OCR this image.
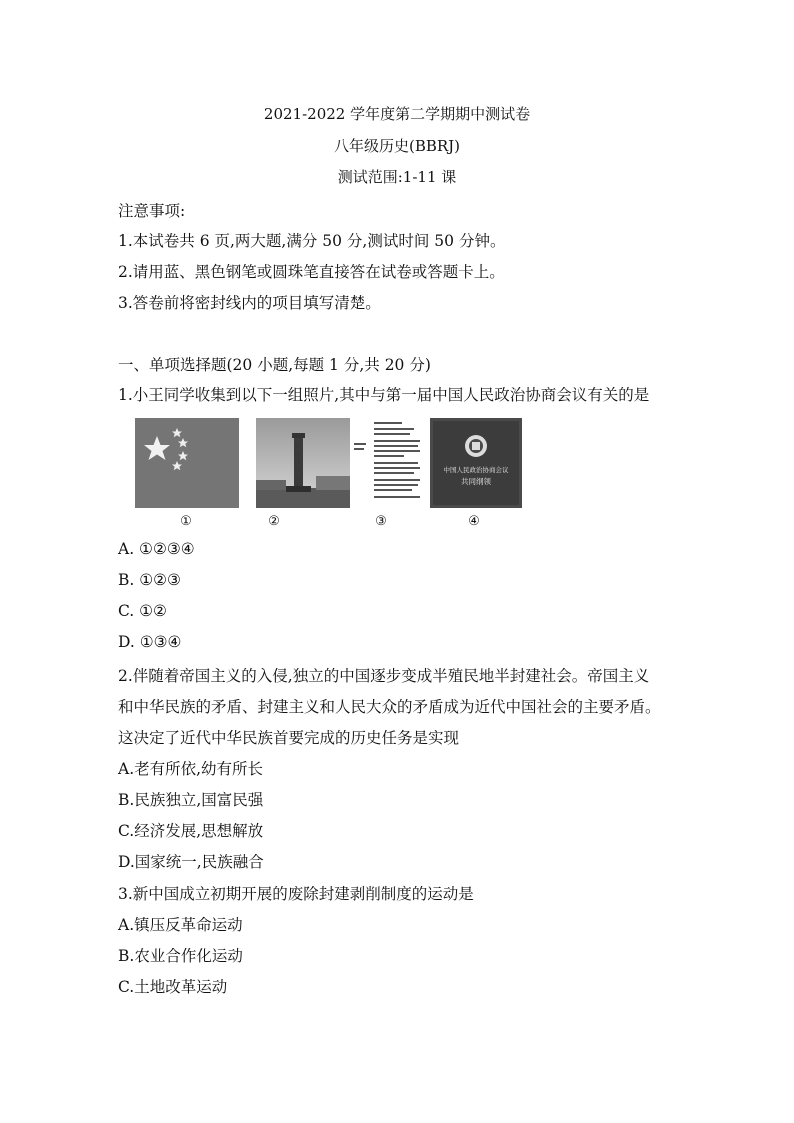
2021-2022 学年度第二学期期中测试卷
八年级历史(BBRJ)
测试范围:1-11 课
注意事项:
1.本试卷共 6 页,两大题,满分 50 分,测试时间 50 分钟。
2.请用蓝、黑色钢笔或圆珠笔直接答在试卷或答题卡上。
3.答卷前将密封线内的项目填写清楚。
一、单项选择题(20 小题,每题 1 分,共 20 分)
1.小王同学收集到以下一组照片,其中与第一届中国人民政治协商会议有关的是
中国人民政治协商会议
共同纲领
①	②	③	④
A. ①②③④
B. ①②③
C. ①②
D. ①③④
2.伴随着帝国主义的入侵,独立的中国逐步变成半殖民地半封建社会。帝国主义
和中华民族的矛盾、封建主义和人民大众的矛盾成为近代中国社会的主要矛盾。
这决定了近代中华民族首要完成的历史任务是实现
A.老有所依,幼有所长
B.民族独立,国富民强
C.经济发展,思想解放
D.国家统一,民族融合
3.新中国成立初期开展的废除封建剥削制度的运动是
A.镇压反革命运动
B.农业合作化运动
C.土地改革运动
